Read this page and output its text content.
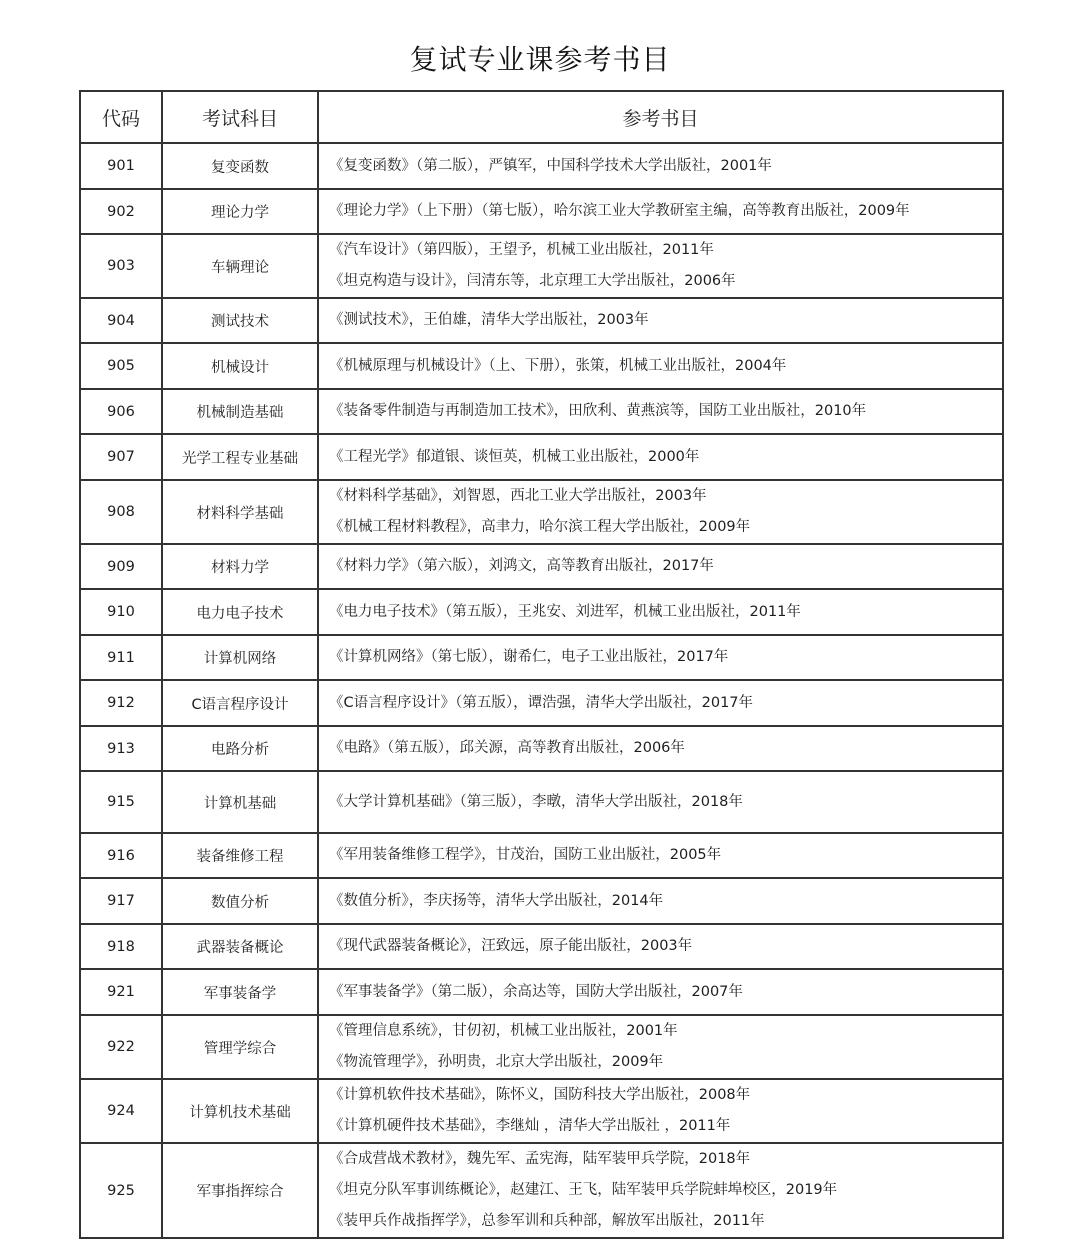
复试专业课参考书目
代码	考试科目	参考书目
901	复变函数	《复变函数》（第二版），严镇军，中国科学技术大学出版社，2001年

902	理论力学	《理论力学》（上下册）（第七版），哈尔滨工业大学教研室主编，高等教育出版社，2009年

903	车辆理论	《汽车设计》（第四版），王望予，机械工业出版社，2011年
《坦克构造与设计》，闫清东等，北京理工大学出版社，2006年

904	测试技术	《测试技术》，王伯雄，清华大学出版社，2003年

905	机械设计	《机械原理与机械设计》（上、下册），张策，机械工业出版社，2004年

906	机械制造基础	《装备零件制造与再制造加工技术》，田欣利、黄燕滨等，国防工业出版社，2010年

907	光学工程专业基础	《工程光学》郁道银、谈恒英，机械工业出版社，2000年

908	材料科学基础	《材料科学基础》，刘智恩，西北工业大学出版社，2003年
《机械工程材料教程》，高聿力，哈尔滨工程大学出版社，2009年

909	材料力学	《材料力学》（第六版），刘鸿文，高等教育出版社，2017年

910	电力电子技术	《电力电子技术》（第五版），王兆安、刘进军，机械工业出版社，2011年

911	计算机网络	《计算机网络》（第七版），谢希仁，电子工业出版社，2017年

912	C语言程序设计	《C语言程序设计》（第五版），谭浩强，清华大学出版社，2017年

913	电路分析	《电路》（第五版），邱关源，高等教育出版社，2006年

915	计算机基础	《大学计算机基础》（第三版），李暾，清华大学出版社，2018年

916	装备维修工程	《军用装备维修工程学》，甘茂治，国防工业出版社，2005年

917	数值分析	《数值分析》，李庆扬等，清华大学出版社，2014年

918	武器装备概论	《现代武器装备概论》，汪致远，原子能出版社，2003年

921	军事装备学	《军事装备学》（第二版），余高达等，国防大学出版社，2007年

922	管理学综合	《管理信息系统》，甘仞初，机械工业出版社，2001年
《物流管理学》，孙明贵，北京大学出版社，2009年

924	计算机技术基础	《计算机软件技术基础》，陈怀义，国防科技大学出版社，2008年
《计算机硬件技术基础》，李继灿 ，清华大学出版社 ，2011年

925	军事指挥综合	《合成营战术教材》，魏先军、孟宪海，陆军装甲兵学院，2018年
《坦克分队军事训练概论》，赵建江、王飞，陆军装甲兵学院蚌埠校区，2019年
《装甲兵作战指挥学》，总参军训和兵种部，解放军出版社，2011年
